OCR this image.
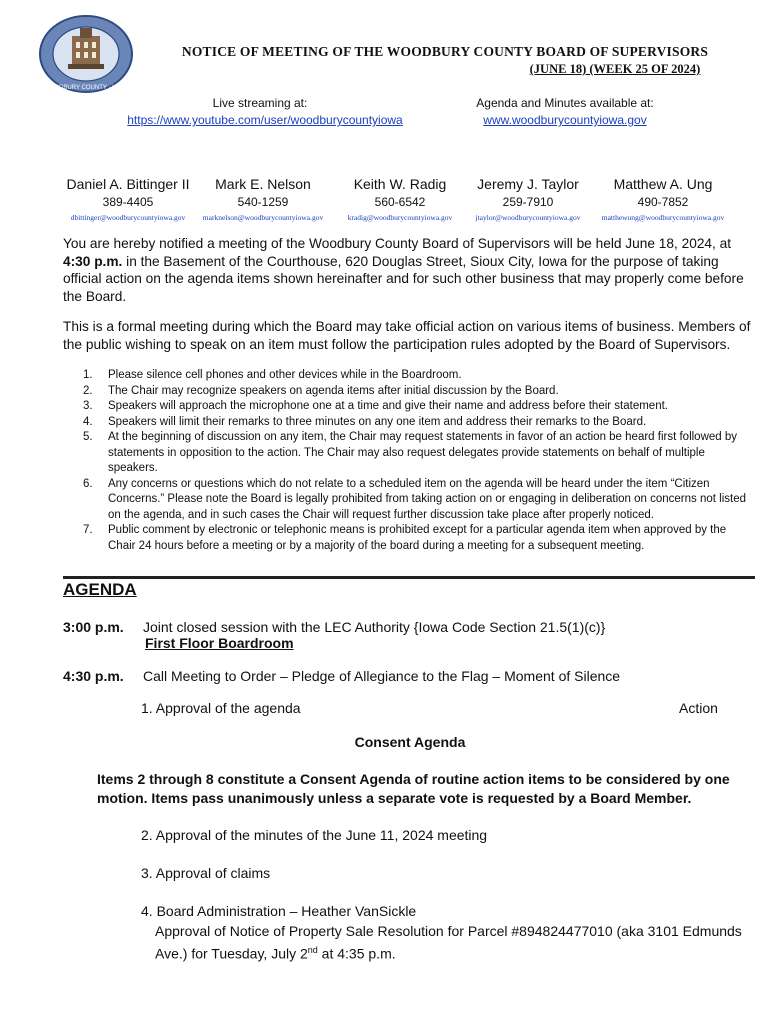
WOODBURY COUNTY · IOWA
NOTICE OF MEETING OF THE WOODBURY COUNTY BOARD OF SUPERVISORS
(JUNE 18) (WEEK 25 OF 2024)
Live streaming at:
https://www.youtube.com/user/woodburycountyiowa
Agenda and Minutes available at:
www.woodburycountyiowa.gov
Daniel A. Bittinger II
389-4405
dbittinger@woodburycountyiowa.gov
Mark E. Nelson
540-1259
marknelson@woodburycountyiowa.gov
Keith W. Radig
560-6542
kradig@woodburycountyiowa.gov
Jeremy J. Taylor
259-7910
jtaylor@woodburycountyiowa.gov
Matthew A. Ung
490-7852
matthewung@woodburycountyiowa.gov
You are hereby notified a meeting of the Woodbury County Board of Supervisors will be held June 18, 2024, at 4:30 p.m. in the Basement of the Courthouse, 620 Douglas Street, Sioux City, Iowa for the purpose of taking official action on the agenda items shown hereinafter and for such other business that may properly come before the Board.
This is a formal meeting during which the Board may take official action on various items of business. Members of the public wishing to speak on an item must follow the participation rules adopted by the Board of Supervisors.
1. Please silence cell phones and other devices while in the Boardroom.
2. The Chair may recognize speakers on agenda items after initial discussion by the Board.
3. Speakers will approach the microphone one at a time and give their name and address before their statement.
4. Speakers will limit their remarks to three minutes on any one item and address their remarks to the Board.
5. At the beginning of discussion on any item, the Chair may request statements in favor of an action be heard first followed by statements in opposition to the action. The Chair may also request delegates provide statements on behalf of multiple speakers.
6. Any concerns or questions which do not relate to a scheduled item on the agenda will be heard under the item “Citizen Concerns.” Please note the Board is legally prohibited from taking action on or engaging in deliberation on concerns not listed on the agenda, and in such cases the Chair will request further discussion take place after properly noticed.
7. Public comment by electronic or telephonic means is prohibited except for a particular agenda item when approved by the Chair 24 hours before a meeting or by a majority of the board during a meeting for a subsequent meeting.
AGENDA
3:00 p.m. Joint closed session with the LEC Authority {Iowa Code Section 21.5(1)(c)}
First Floor Boardroom
4:30 p.m. Call Meeting to Order – Pledge of Allegiance to the Flag – Moment of Silence
1. Approval of the agenda	Action
Consent Agenda
Items 2 through 8 constitute a Consent Agenda of routine action items to be considered by one motion. Items pass unanimously unless a separate vote is requested by a Board Member.
2. Approval of the minutes of the June 11, 2024 meeting
3. Approval of claims
4. Board Administration – Heather VanSickle
Approval of Notice of Property Sale Resolution for Parcel #894824477010 (aka 3101 Edmunds Ave.) for Tuesday, July 2nd at 4:35 p.m.
